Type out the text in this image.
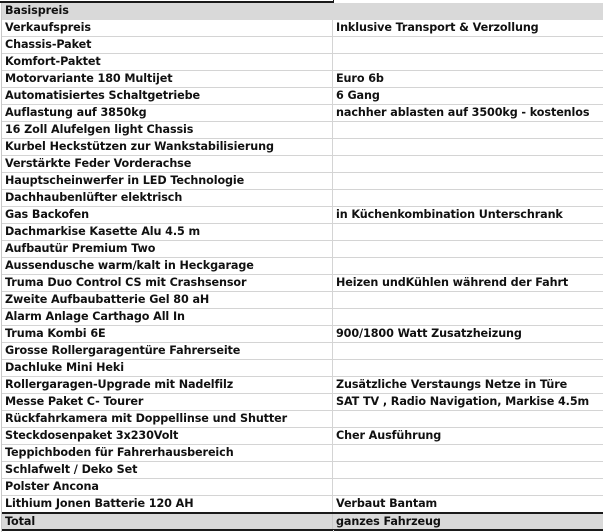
Basispreis
Verkaufspreis	Inklusive Transport & Verzollung
Chassis-Paket
Komfort-Paktet
Motorvariante 180 Multijet	Euro 6b
Automatisiertes Schaltgetriebe	6 Gang
Auflastung auf 3850kg	nachher ablasten auf 3500kg - kostenlos
16 Zoll Alufelgen light Chassis
Kurbel Heckstützen zur Wankstabilisierung
Verstärkte Feder Vorderachse
Hauptscheinwerfer in LED Technologie
Dachhaubenlüfter elektrisch
Gas Backofen	in Küchenkombination Unterschrank
Dachmarkise Kasette Alu 4.5 m
Aufbautür Premium Two
Aussendusche warm/kalt in Heckgarage
Truma Duo Control CS mit Crashsensor	Heizen undKühlen während der Fahrt
Zweite Aufbaubatterie Gel 80 aH
Alarm Anlage Carthago All In
Truma Kombi 6E	900/1800 Watt Zusatzheizung
Grosse Rollergaragentüre Fahrerseite
Dachluke Mini Heki
Rollergaragen-Upgrade mit Nadelfilz	Zusätzliche Verstaungs Netze in Türe
Messe Paket C- Tourer	SAT TV , Radio Navigation, Markise 4.5m
Rückfahrkamera mit Doppellinse und Shutter
Steckdosenpaket 3x230Volt	Cher Ausführung
Teppichboden für Fahrerhausbereich
Schlafwelt / Deko Set
Polster Ancona
Lithium Jonen Batterie 120 AH	Verbaut Bantam
Total	ganzes Fahrzeug
